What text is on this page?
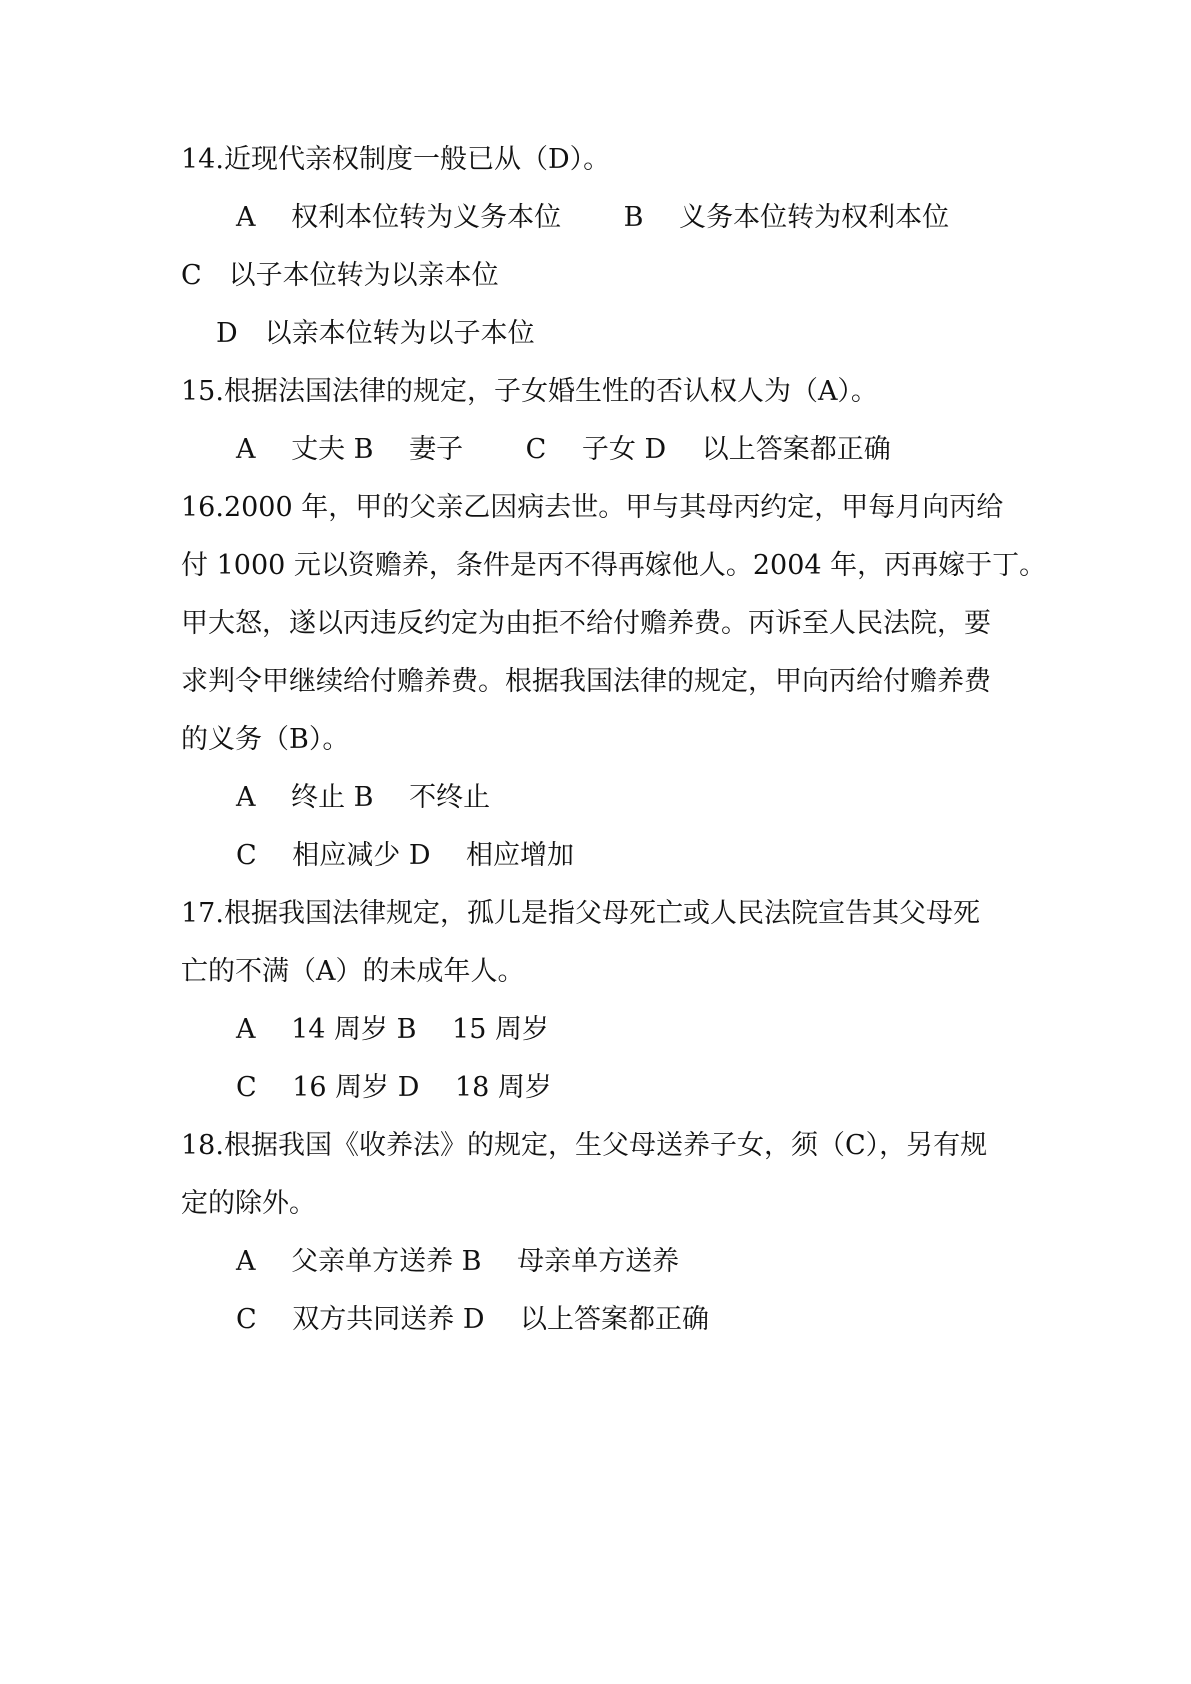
14.近现代亲权制度一般已从（D）。
A　 权利本位转为义务本位　　 B　 义务本位转为权利本位
C　以子本位转为以亲本位
D　以亲本位转为以子本位
15.根据法国法律的规定，子女婚生性的否认权人为（A）。
A　 丈夫 B　 妻子　　 C　 子女 D　 以上答案都正确
16.2000 年，甲的父亲乙因病去世。甲与其母丙约定，甲每月向丙给
付 1000 元以资赡养，条件是丙不得再嫁他人。2004 年，丙再嫁于丁。
甲大怒，遂以丙违反约定为由拒不给付赡养费。丙诉至人民法院，要
求判令甲继续给付赡养费。根据我国法律的规定，甲向丙给付赡养费
的义务（B）。
A　 终止 B　 不终止
C　 相应减少 D　 相应增加
17.根据我国法律规定，孤儿是指父母死亡或人民法院宣告其父母死
亡的不满（A）的未成年人。
A　 14 周岁 B　 15 周岁
C　 16 周岁 D　 18 周岁
18.根据我国《收养法》的规定，生父母送养子女，须（C），另有规
定的除外。
A　 父亲单方送养 B　 母亲单方送养
C　 双方共同送养 D　 以上答案都正确
